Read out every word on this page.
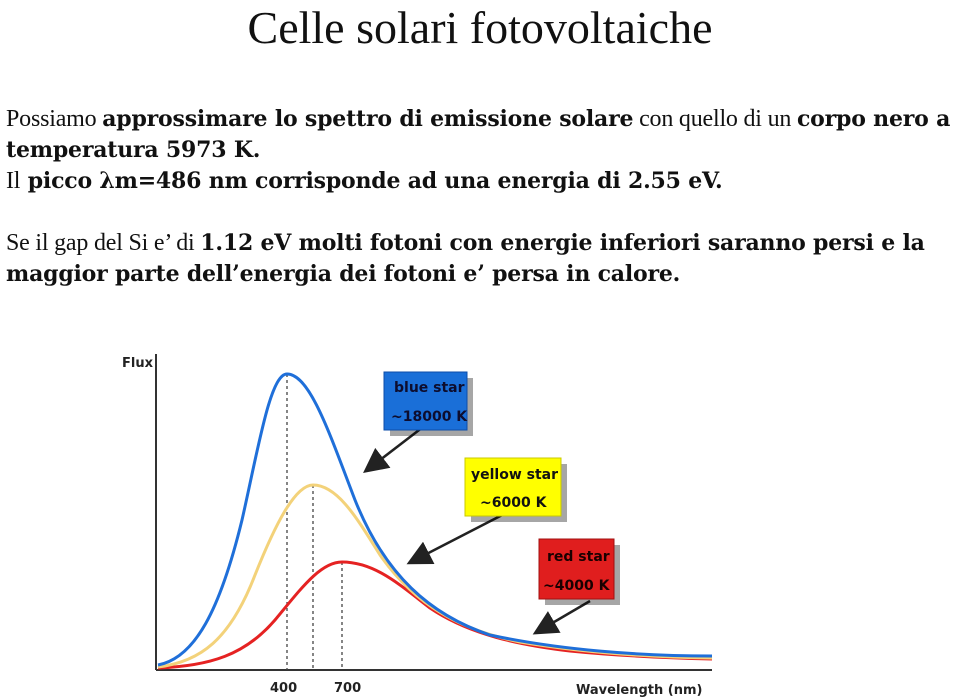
Celle solari fotovoltaiche
Possiamo approssimare lo spettro di emissione solare con quello di un corpo nero a temperatura 5973 K.
Il picco λm=486 nm corrisponde ad una energia di 2.55 eV.
Se il gap del Si e’ di 1.12 eV molti fotoni con energie inferiori saranno persi e la maggior parte dell’energia dei fotoni e’ persa in calore.
Flux
Wavelength (nm)
400	700
blue star
~18000 K
yellow star
~6000 K
red star
~4000 K
